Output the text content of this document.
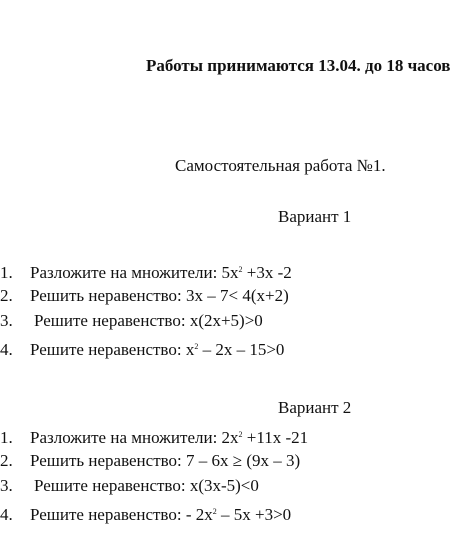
Работы принимаются 13.04. до 18 часов
Самостоятельная работа №1.
Вариант 1
1. Разложите на множители: $5x^2 +3x$ -2
2. Решить неравенство: 3x – 7< 4(x+2)
3. Решите неравенство: x(2x+5)>0
4. Решите неравенство: $x^2 - 2x - 15>0$
Вариант 2
1. Разложите на множители: $2x^2 +11x$ -21
2. Решить неравенство: 7 – 6x ≥ (9x – 3)
3. Решите неравенство: x(3x-5)<0
4. Решите неравенство: - $2x^2 - 5x +3>0$
